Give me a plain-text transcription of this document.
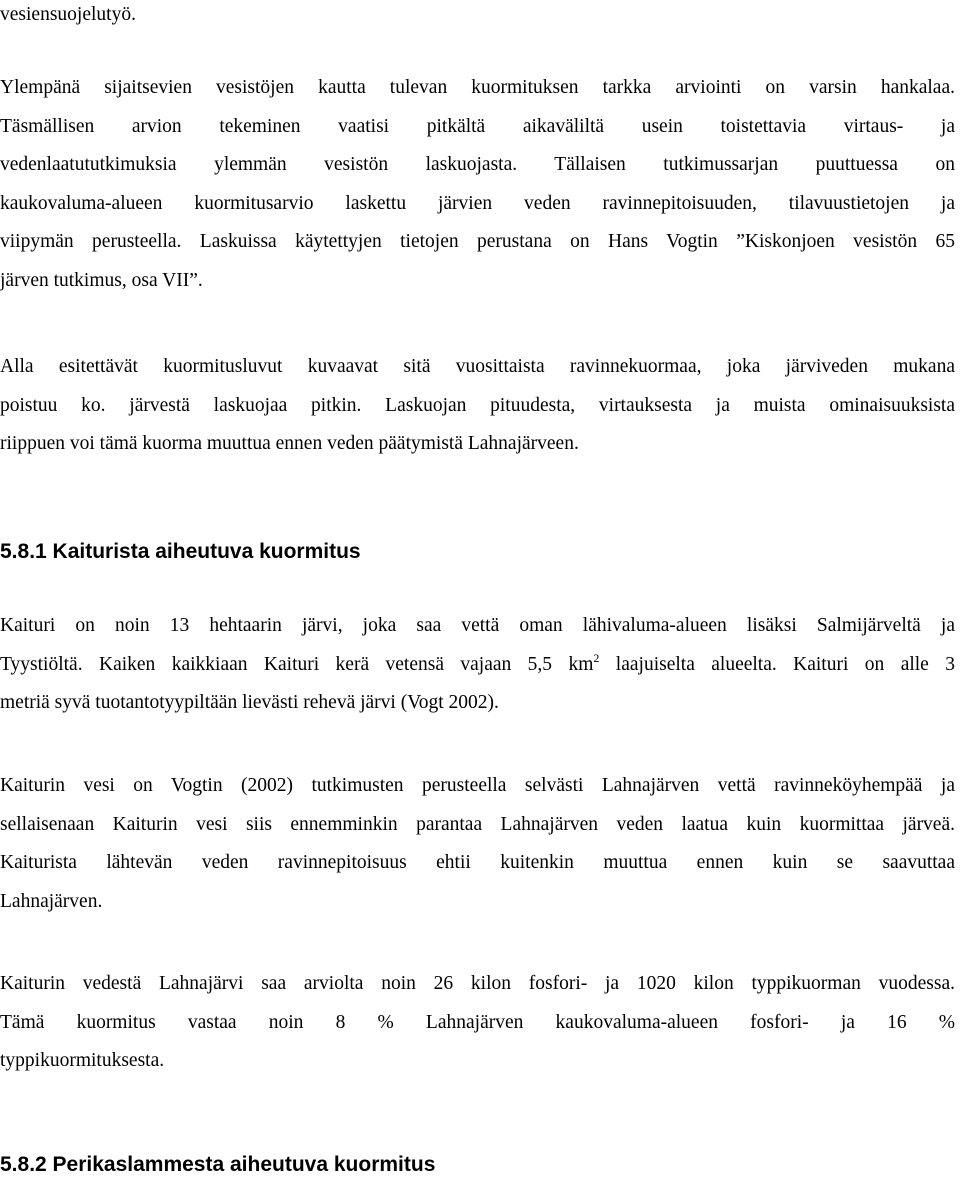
vesiensuojelutyö.

Ylempänä sijaitsevien vesistöjen kautta tulevan kuormituksen tarkka arviointi on varsin hankalaa.
Täsmällisen arvion tekeminen vaatisi pitkältä aikaväliltä usein toistettavia virtaus- ja
vedenlaatututkimuksia ylemmän vesistön laskuojasta. Tällaisen tutkimussarjan puuttuessa on
kaukovaluma-alueen kuormitusarvio laskettu järvien veden ravinnepitoisuuden, tilavuustietojen ja
viipymän perusteella. Laskuissa käytettyjen tietojen perustana on Hans Vogtin ”Kiskonjoen vesistön 65
järven tutkimus, osa VII”.

Alla esitettävät kuormitusluvut kuvaavat sitä vuosittaista ravinnekuormaa, joka järviveden mukana
poistuu ko. järvestä laskuojaa pitkin. Laskuojan pituudesta, virtauksesta ja muista ominaisuuksista
riippuen voi tämä kuorma muuttua ennen veden päätymistä Lahnajärveen.

5.8.1 Kaiturista aiheutuva kuormitus

Kaituri on noin 13 hehtaarin järvi, joka saa vettä oman lähivaluma-alueen lisäksi Salmijärveltä ja
Tyystiöltä. Kaiken kaikkiaan Kaituri kerä vetensä vajaan 5,5 $km^2$ laajuiselta alueelta. Kaituri on alle 3
metriä syvä tuotantotyypiltään lievästi rehevä järvi (Vogt 2002).

Kaiturin vesi on Vogtin (2002) tutkimusten perusteella selvästi Lahnajärven vettä ravinneköyhempää ja
sellaisenaan Kaiturin vesi siis ennemminkin parantaa Lahnajärven veden laatua kuin kuormittaa järveä.
Kaituristа lähtevän veden ravinnepitoisuus ehtii kuitenkin muuttua ennen kuin se saavuttaa
Lahnajärven.

Kaiturin vedestä Lahnajärvi saa arviolta noin 26 kilon fosfori- ja 1020 kilon typpikuorman vuodessa.
Tämä kuormitus vastaa noin 8 % Lahnajärven kaukovaluma-alueen fosfori- ja 16 %
typpikuormituksesta.

5.8.2 Perikaslammesta aiheutuva kuormitus
